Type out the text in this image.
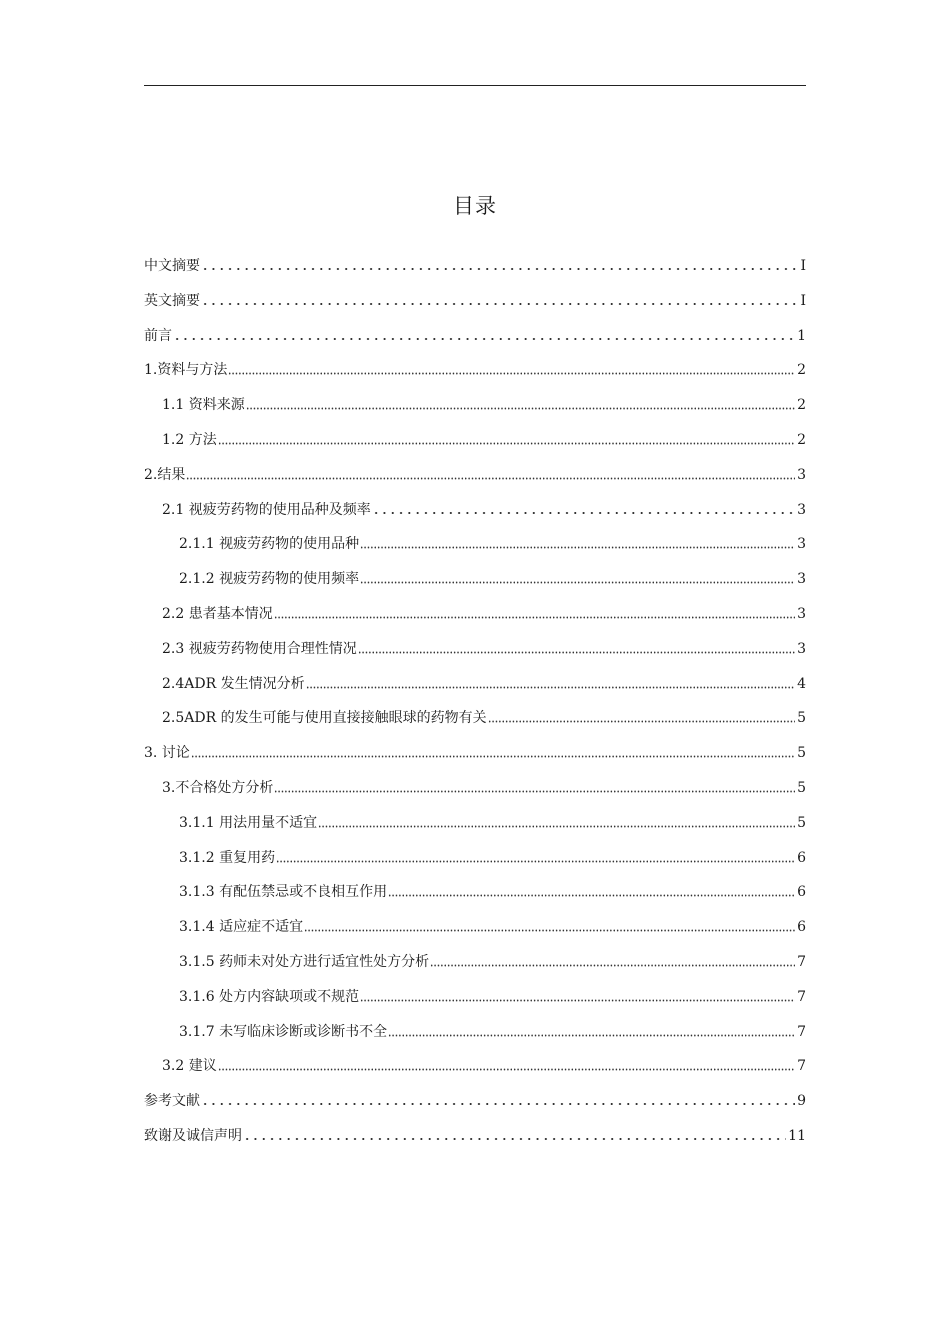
目录
中文摘要	I
英文摘要	I
前言	1
1.资料与方法	2
1.1 资料来源	2
1.2 方法	2
2.结果	3
2.1 视疲劳药物的使用品种及频率	3
2.1.1 视疲劳药物的使用品种	3
2.1.2 视疲劳药物的使用频率	3
2.2 患者基本情况	3
2.3 视疲劳药物使用合理性情况	3
2.4ADR 发生情况分析	4
2.5ADR 的发生可能与使用直接接触眼球的药物有关	5
3. 讨论	5
3.不合格处方分析	5
3.1.1 用法用量不适宜	5
3.1.2 重复用药	6
3.1.3 有配伍禁忌或不良相互作用	6
3.1.4 适应症不适宜	6
3.1.5 药师未对处方进行适宜性处方分析	7
3.1.6 处方内容缺项或不规范	7
3.1.7 未写临床诊断或诊断书不全	7
3.2 建议	7
参考文献	9
致谢及诚信声明	11
